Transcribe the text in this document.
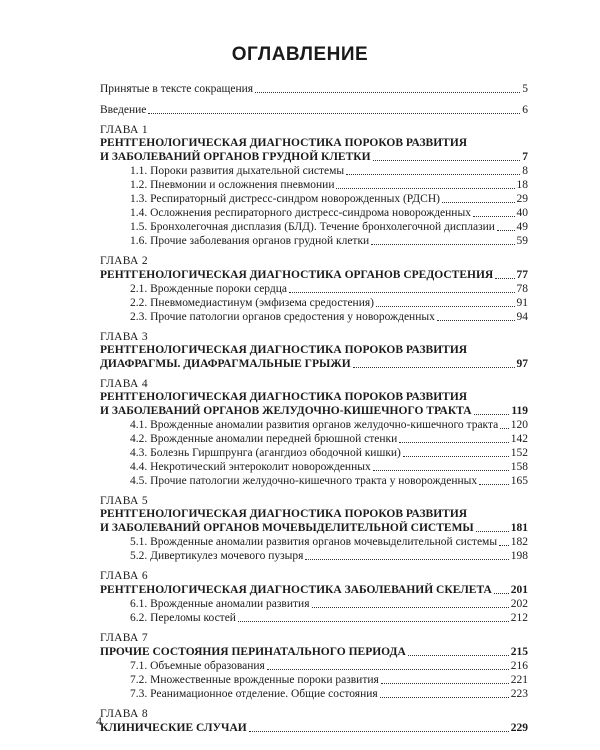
ОГЛАВЛЕНИЕ
Принятые в тексте сокращения	5
Введение	6
ГЛАВА 1
РЕНТГЕНОЛОГИЧЕСКАЯ ДИАГНОСТИКА ПОРОКОВ РАЗВИТИЯ
И ЗАБОЛЕВАНИЙ ОРГАНОВ ГРУДНОЙ КЛЕТКИ	7
1.1. Пороки развития дыхательной системы	8
1.2. Пневмонии и осложнения пневмонии	18
1.3. Респираторный дистресс-синдром новорожденных (РДСН)	29
1.4. Осложнения респираторного дистресс-синдрома новорожденных	40
1.5. Бронхолегочная дисплазия (БЛД). Течение бронхолегочной дисплазии 49
1.6. Прочие заболевания органов грудной клетки	59
ГЛАВА 2
РЕНТГЕНОЛОГИЧЕСКАЯ ДИАГНОСТИКА ОРГАНОВ СРЕДОСТЕНИЯ 77
2.1. Врожденные пороки сердца	78
2.2. Пневмомедиастинум (эмфизема средостения)	91
2.3. Прочие патологии органов средостения у новорожденных	94
ГЛАВА 3
РЕНТГЕНОЛОГИЧЕСКАЯ ДИАГНОСТИКА ПОРОКОВ РАЗВИТИЯ
ДИАФРАГМЫ. ДИАФРАГМАЛЬНЫЕ ГРЫЖИ	97
ГЛАВА 4
РЕНТГЕНОЛОГИЧЕСКАЯ ДИАГНОСТИКА ПОРОКОВ РАЗВИТИЯ
И ЗАБОЛЕВАНИЙ ОРГАНОВ ЖЕЛУДОЧНО-КИШЕЧНОГО ТРАКТА	119
4.1. Врожденные аномалии развития органов желудочно-кишечного тракта 120
4.2. Врожденные аномалии передней брюшной стенки	142
4.3. Болезнь Гиршпрунга (агангдиоз ободочной кишки)	152
4.4. Некротический энтероколит новорожденных	158
4.5. Прочие патологии желудочно-кишечного тракта у новорожденных	165
ГЛАВА 5
РЕНТГЕНОЛОГИЧЕСКАЯ ДИАГНОСТИКА ПОРОКОВ РАЗВИТИЯ
И ЗАБОЛЕВАНИЙ ОРГАНОВ МОЧЕВЫДЕЛИТЕЛЬНОЙ СИСТЕМЫ	181
5.1. Врожденные аномалии развития органов мочевыделительной системы 182
5.2. Дивертикулез мочевого пузыря	198
ГЛАВА 6
РЕНТГЕНОЛОГИЧЕСКАЯ ДИАГНОСТИКА ЗАБОЛЕВАНИЙ СКЕЛЕТА 201
6.1. Врожденные аномалии развития	202
6.2. Переломы костей	212
ГЛАВА 7
ПРОЧИЕ СОСТОЯНИЯ ПЕРИНАТАЛЬНОГО ПЕРИОДА	215
7.1. Объемные образования	216
7.2. Множественные врожденные пороки развития	221
7.3. Реанимационное отделение. Общие состояния	223
ГЛАВА 8
КЛИНИЧЕСКИЕ СЛУЧАИ	229
4
